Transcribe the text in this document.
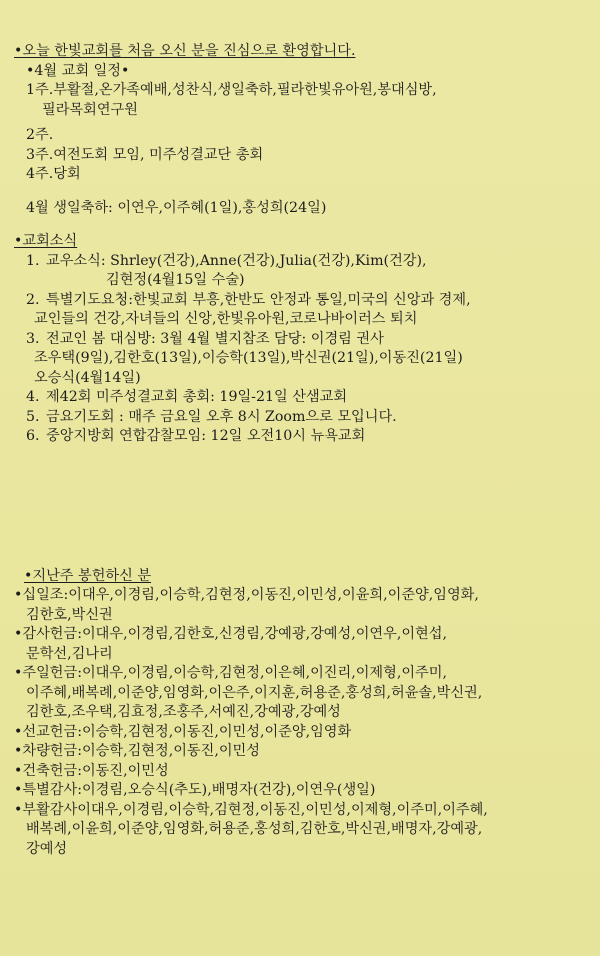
•오늘 한빛교회를 처음 오신 분을 진심으로 환영합니다.
•4월 교회 일정•
1주.부활절,온가족예배,성찬식,생일축하,필라한빛유아원,봉대심방,
필라목회연구원
2주.
3주.여전도회 모임, 미주성결교단 총회
4주.당회
4월 생일축하: 이연우,이주혜(1일),홍성희(24일)
•교회소식
1. 교우소식: Shrley(건강),Anne(건강),Julia(건강),Kim(건강),
김현정(4월15일 수술)
2. 특별기도요청:한빛교회 부흥,한반도 안정과 통일,미국의 신앙과 경제,
교인들의 건강,자녀들의 신앙,한빛유아원,코로나바이러스 퇴치
3. 전교인 봄 대심방: 3월 4월 별지참조 담당: 이경림 권사
조우택(9일),김한호(13일),이승학(13일),박신권(21일),이동진(21일)
오승식(4월14일)
4. 제42회 미주성결교회 총회: 19일-21일 산샘교회
5. 금요기도회 : 매주 금요일 오후 8시 Zoom으로 모입니다.
6. 중앙지방회 연합감찰모임: 12일 오전10시 뉴욕교회
•지난주 봉헌하신 분
•십일조:이대우,이경림,이승학,김현정,이동진,이민성,이윤희,이준양,임영화,
김한호,박신권
•감사헌금:이대우,이경림,김한호,신경림,강예광,강예성,이연우,이현섭,
문학선,김나리
•주일헌금:이대우,이경림,이승학,김현정,이은혜,이진리,이제형,이주미,
이주혜,배복례,이준양,임영화,이은주,이지훈,허용준,홍성희,허윤솔,박신권,
김한호,조우택,김효정,조홍주,서예진,강예광,강예성
•선교헌금:이승학,김현정,이동진,이민성,이준양,임영화
•차량헌금:이승학,김현정,이동진,이민성
•건축헌금:이동진,이민성
•특별감사:이경림,오승식(추도),배명자(건강),이연우(생일)
•부활감사이대우,이경림,이승학,김현정,이동진,이민성,이제형,이주미,이주혜,
배복례,이윤희,이준양,임영화,허용준,홍성희,김한호,박신권,배명자,강예광,
강예성
